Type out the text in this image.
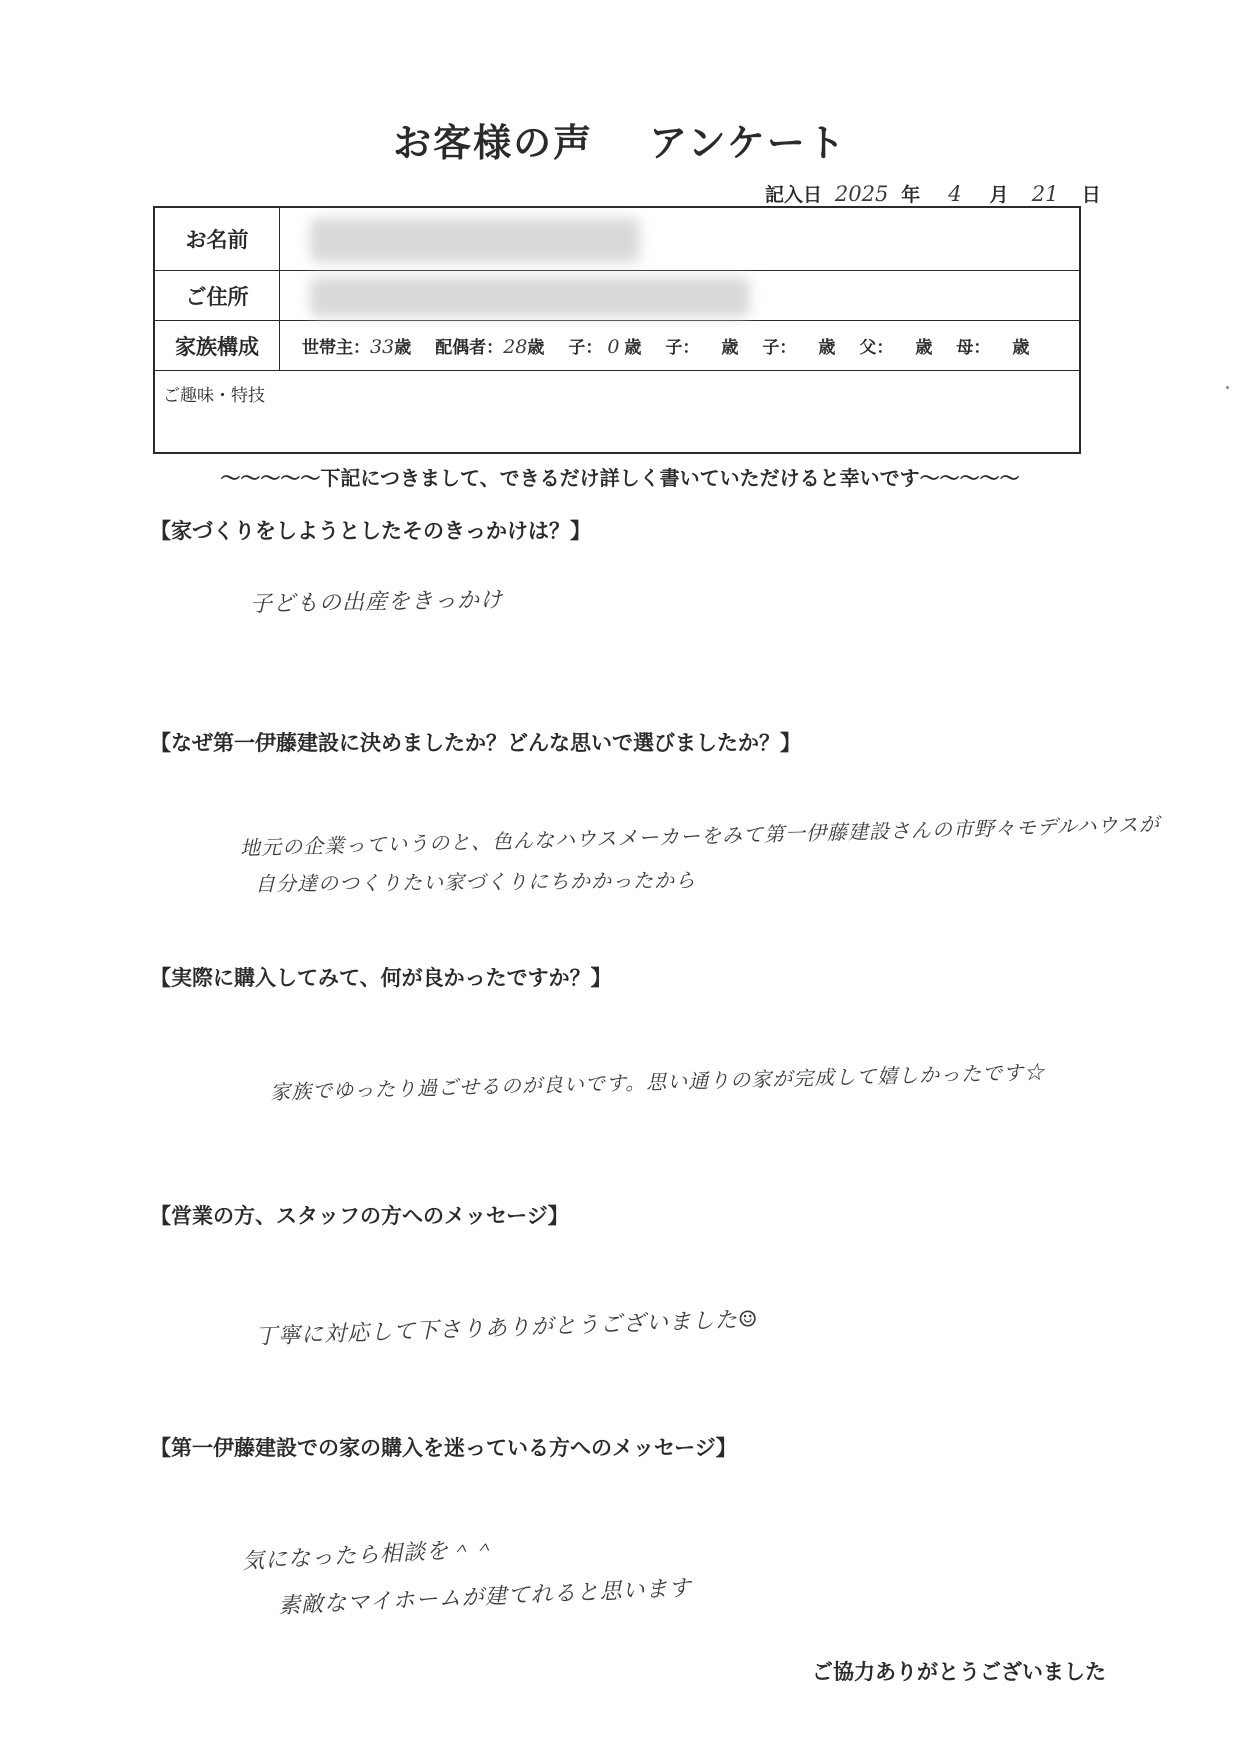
お客様の声 アンケート
記入日 2025 年 4 月 21 日
お名前
ご住所
家族構成	世帯主：33歳 配偶者：28歳 子： 0 歳 子： 歳 子： 歳 父： 歳 母： 歳
ご趣味・特技
～～～～～下記につきまして、できるだけ詳しく書いていただけると幸いです～～～～～
【家づくりをしようとしたそのきっかけは？】
子どもの出産をきっかけ
【なぜ第一伊藤建設に決めましたか？どんな思いで選びましたか？】
地元の企業っていうのと、色んなハウスメーカーをみて第一伊藤建設さんの市野々モデルハウスが
自分達のつくりたい家づくりにちかかったから
【実際に購入してみて、何が良かったですか？】
家族でゆったり過ごせるのが良いです。思い通りの家が完成して嬉しかったです☆
【営業の方、スタッフの方へのメッセージ】
丁寧に対応して下さりありがとうございました☺
【第一伊藤建設での家の購入を迷っている方へのメッセージ】
気になったら相談を＾＾
素敵なマイホームが建てれると思います
ご協力ありがとうございました
